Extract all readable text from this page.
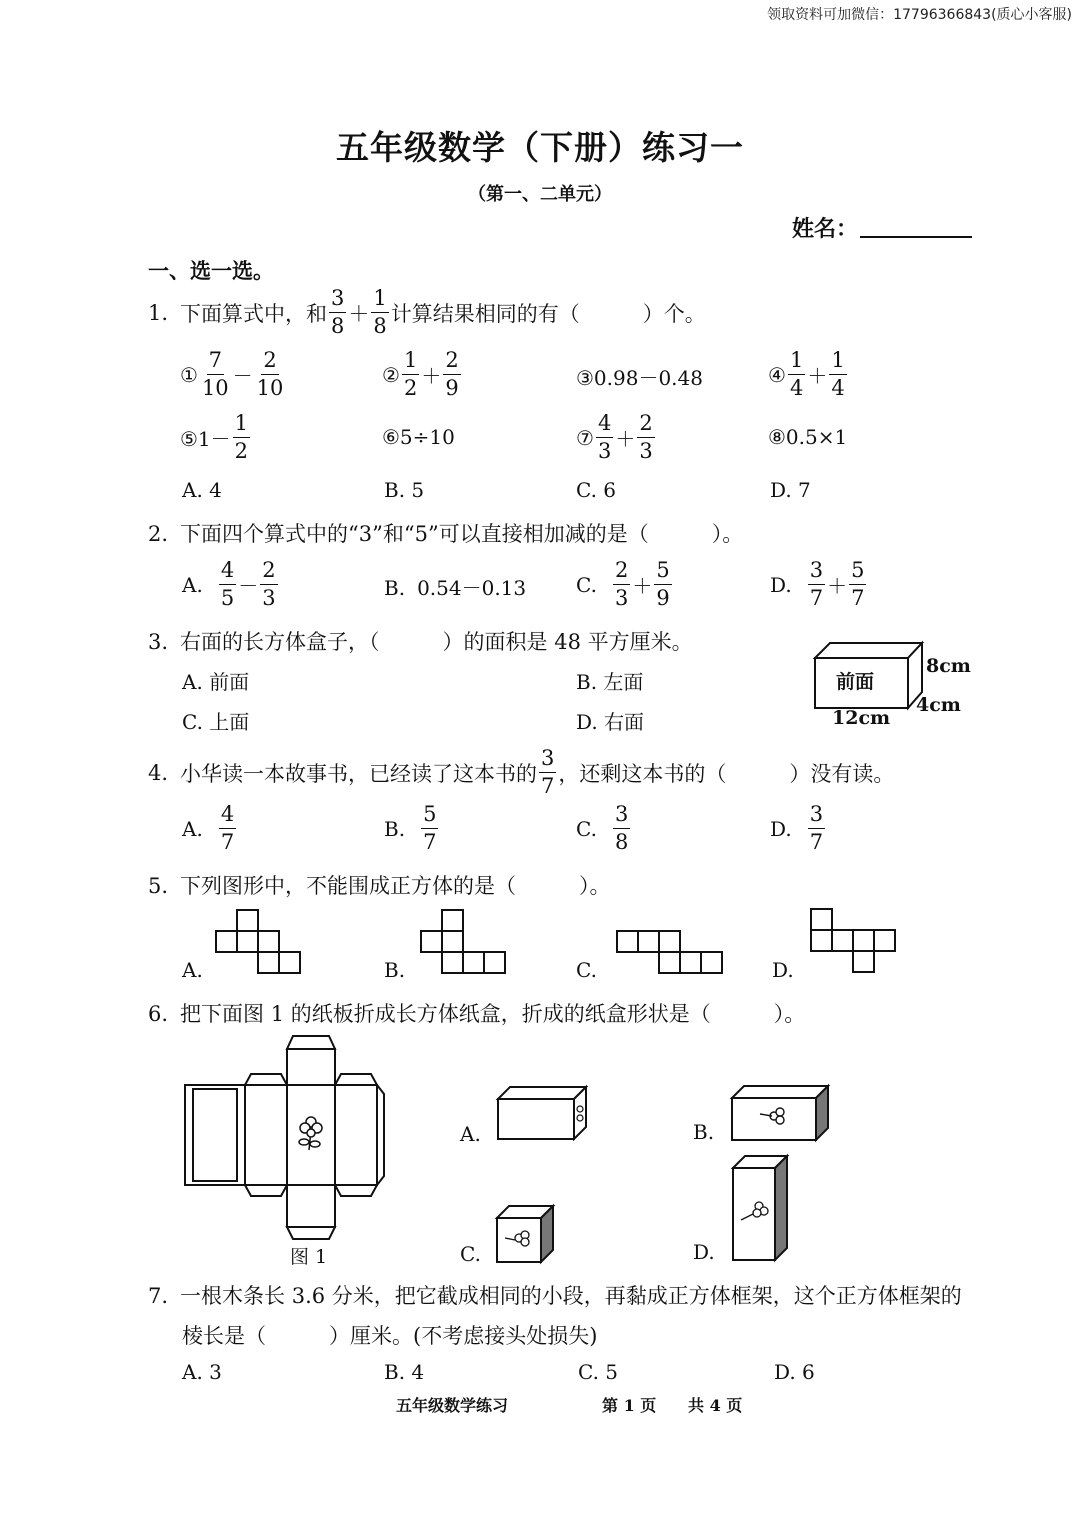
领取资料可加微信：17796366843(质心小客服)
五年级数学（下册）练习一
（第一、二单元）
姓名：
一、选一选。
1. 下面算式中，和 $\frac{3}{8} + \frac{1}{8}$ 计算结果相同的有（　　　）个。
① $\frac{7}{10} - \frac{2}{10}$	② $\frac{1}{2} + \frac{2}{9}$	③0.98－0.48	④ $\frac{1}{4} + \frac{1}{4}$
⑤1－ $\frac{1}{2}$	⑥5÷10	⑦ $\frac{4}{3} + \frac{2}{3}$	⑧0.5×1
A. 4	B. 5	C. 6	D. 7
2. 下面四个算式中的“3”和“5”可以直接相加减的是（　　　）。
A. $\frac{4}{5} - \frac{2}{3}$	B. 0.54－0.13 C. $\frac{2}{3} + \frac{5}{9}$	D. $\frac{3}{7} + \frac{5}{7}$
3. 右面的长方体盒子，（　　　）的面积是 48 平方厘米。
A. 前面	B. 左面
C. 上面	D. 右面
前面
8cm
4cm
12cm
4. 小华读一本故事书，已经读了这本书的 $\frac{3}{7}$ ，还剩这本书的（　　　）没有读。
A. $\frac{4}{7}$	B. $\frac{5}{7}$	C. $\frac{3}{8}$	D. $\frac{3}{7}$
5. 下列图形中，不能围成正方体的是（　　　）。
A.	B.	C.	D.
6. 把下面图 1 的纸板折成长方体纸盒，折成的纸盒形状是（　　　）。
图 1
A.	B.
C.	D.
7. 一根木条长 3.6 分米，把它截成相同的小段，再黏成正方体框架，这个正方体框架的
棱长是（　　　）厘米。(不考虑接头处损失)
A. 3	B. 4	C. 5	D. 6
五年级数学练习	第 1 页 共 4 页
